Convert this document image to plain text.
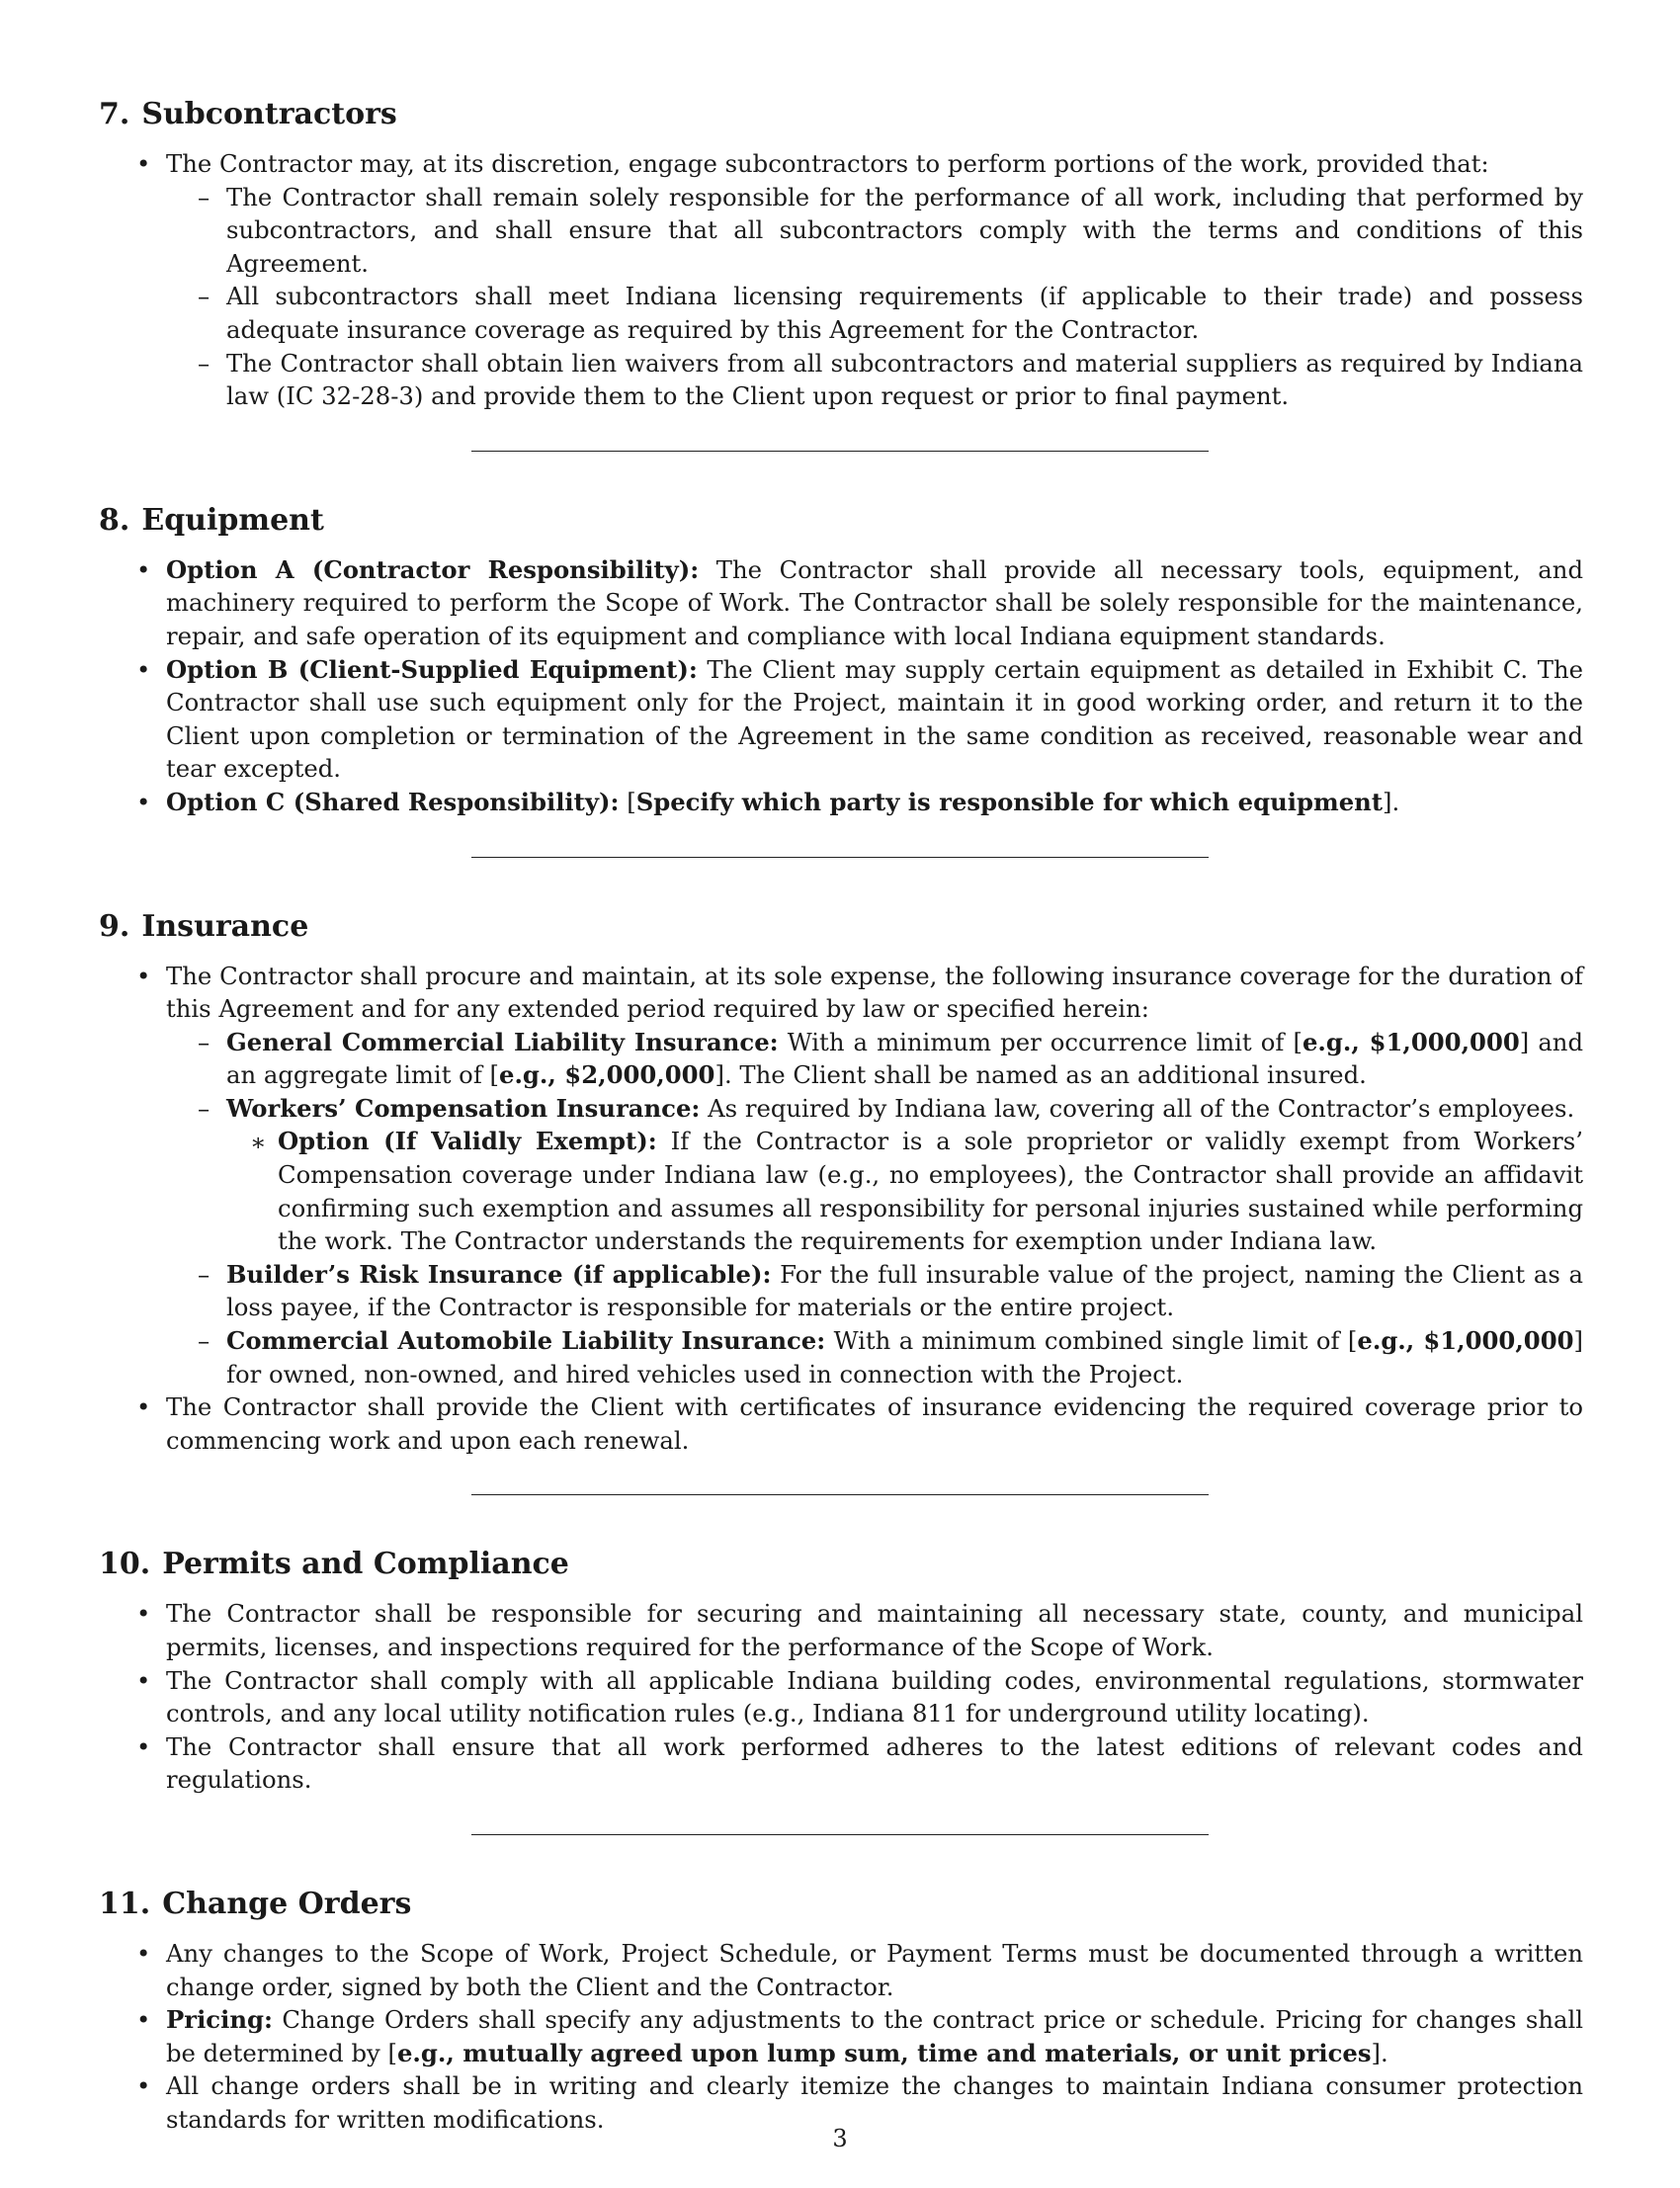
7. Subcontractors
• The Contractor may, at its discretion, engage subcontractors to perform portions of the work, provided that:
– The Contractor shall remain solely responsible for the performance of all work, including that performed by subcontractors, and shall ensure that all subcontractors comply with the terms and conditions of this Agreement.
– All subcontractors shall meet Indiana licensing requirements (if applicable to their trade) and possess adequate insurance coverage as required by this Agreement for the Contractor.
– The Contractor shall obtain lien waivers from all subcontractors and material suppliers as required by Indiana law (IC 32-28-3) and provide them to the Client upon request or prior to final payment.
8. Equipment
• Option A (Contractor Responsibility): The Contractor shall provide all necessary tools, equipment, and machinery required to perform the Scope of Work. The Contractor shall be solely responsible for the maintenance, repair, and safe operation of its equipment and compliance with local Indiana equipment standards.
• Option B (Client-Supplied Equipment): The Client may supply certain equipment as detailed in Exhibit C. The Contractor shall use such equipment only for the Project, maintain it in good working order, and return it to the Client upon completion or termination of the Agreement in the same condition as received, reasonable wear and tear excepted.
• Option C (Shared Responsibility): [Specify which party is responsible for which equipment].
9. Insurance
• The Contractor shall procure and maintain, at its sole expense, the following insurance coverage for the duration of this Agreement and for any extended period required by law or specified herein:
– General Commercial Liability Insurance: With a minimum per occurrence limit of [e.g., $1,000,000] and an aggregate limit of [e.g., $2,000,000]. The Client shall be named as an additional insured.
– Workers’ Compensation Insurance: As required by Indiana law, covering all of the Contractor’s employees.
∗ Option (If Validly Exempt): If the Contractor is a sole proprietor or validly exempt from Workers’ Compensation coverage under Indiana law (e.g., no employees), the Contractor shall provide an affidavit confirming such exemption and assumes all responsibility for personal injuries sustained while performing the work. The Contractor understands the requirements for exemption under Indiana law.
– Builder’s Risk Insurance (if applicable): For the full insurable value of the project, naming the Client as a loss payee, if the Contractor is responsible for materials or the entire project.
– Commercial Automobile Liability Insurance: With a minimum combined single limit of [e.g., $1,000,000] for owned, non-owned, and hired vehicles used in connection with the Project.
• The Contractor shall provide the Client with certificates of insurance evidencing the required coverage prior to commencing work and upon each renewal.
10. Permits and Compliance
• The Contractor shall be responsible for securing and maintaining all necessary state, county, and municipal permits, licenses, and inspections required for the performance of the Scope of Work.
• The Contractor shall comply with all applicable Indiana building codes, environmental regulations, stormwater controls, and any local utility notification rules (e.g., Indiana 811 for underground utility locating).
• The Contractor shall ensure that all work performed adheres to the latest editions of relevant codes and regulations.
11. Change Orders
• Any changes to the Scope of Work, Project Schedule, or Payment Terms must be documented through a written change order, signed by both the Client and the Contractor.
• Pricing: Change Orders shall specify any adjustments to the contract price or schedule. Pricing for changes shall be determined by [e.g., mutually agreed upon lump sum, time and materials, or unit prices].
• All change orders shall be in writing and clearly itemize the changes to maintain Indiana consumer protection standards for written modifications.
3
